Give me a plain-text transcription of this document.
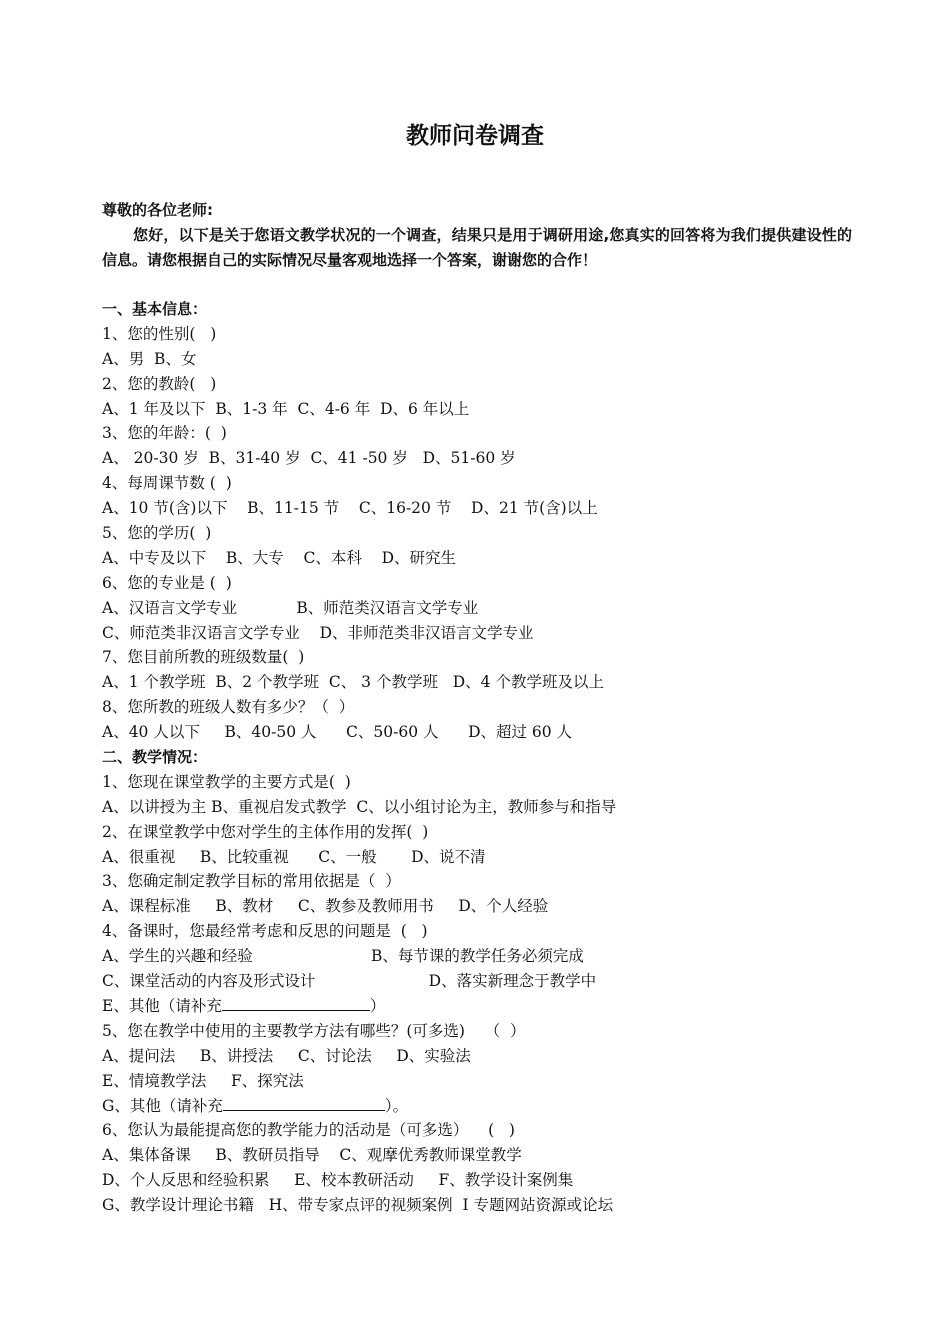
教师问卷调查
尊敬的各位老师:
您好，以下是关于您语文教学状况的一个调查，结果只是用于调研用途,您真实的回答将为我们提供建设性的信息。请您根据自己的实际情况尽量客观地选择一个答案，谢谢您的合作！
一、基本信息：
1、您的性别(   )
A、男  B、女
2、您的教龄(   )
A、1 年及以下  B、1-3 年  C、4-6 年  D、6 年以上
3、您的年龄：(  )
A、 20-30 岁  B、31-40 岁  C、41 -50 岁   D、51-60 岁
4、每周课节数 (  )
A、10 节(含)以下    B、11-15 节    C、16-20 节    D、21 节(含)以上
5、您的学历(  )
A、中专及以下    B、大专    C、本科    D、研究生
6、您的专业是 (  )
A、汉语言文学专业            B、师范类汉语言文学专业
C、师范类非汉语言文学专业    D、非师范类非汉语言文学专业
7、您目前所教的班级数量(  )
A、1 个教学班  B、2 个教学班  C、 3 个教学班   D、4 个教学班及以上
8、您所教的班级人数有多少？（  ）
A、40 人以下     B、40-50 人      C、50-60 人      D、超过 60 人
二、教学情况：
1、您现在课堂教学的主要方式是(  )
A、以讲授为主 B、重视启发式教学  C、以小组讨论为主，教师参与和指导
2、在课堂教学中您对学生的主体作用的发挥(  )
A、很重视     B、比较重视      C、一般       D、说不清
3、您确定制定教学目标的常用依据是（  ）
A、课程标准     B、教材     C、教参及教师用书     D、个人经验
4、备课时，您最经常考虑和反思的问题是  (   )
A、学生的兴趣和经验                        B、每节课的教学任务必须完成
C、课堂活动的内容及形式设计                       D、落实新理念于教学中
E、其他（请补充	）
5、您在教学中使用的主要教学方法有哪些？(可多选)    （  ）
A、提问法     B、讲授法     C、讨论法     D、实验法
E、情境教学法     F、探究法
G、其他（请补充	）。
6、您认为最能提高您的教学能力的活动是（可多选）    (   )
A、集体备课     B、教研员指导    C、观摩优秀教师课堂教学
D、个人反思和经验积累     E、校本教研活动     F、教学设计案例集
G、教学设计理论书籍   H、带专家点评的视频案例  I 专题网站资源或论坛
